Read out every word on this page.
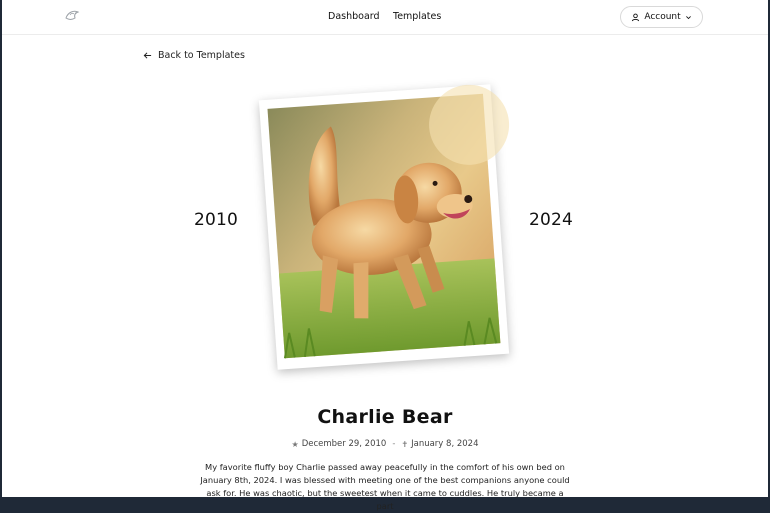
Dashboard Templates	Account
Back to Templates
2010	2024
Charlie Bear
★ December 29, 2010 - ✝ January 8, 2024

My favorite fluffy boy Charlie passed away peacefully in the comfort of his own bed on January 8th, 2024. I was blessed with meeting one of the best companions anyone could ask for. He was chaotic, but the sweetest when it came to cuddles. He truly became a part
